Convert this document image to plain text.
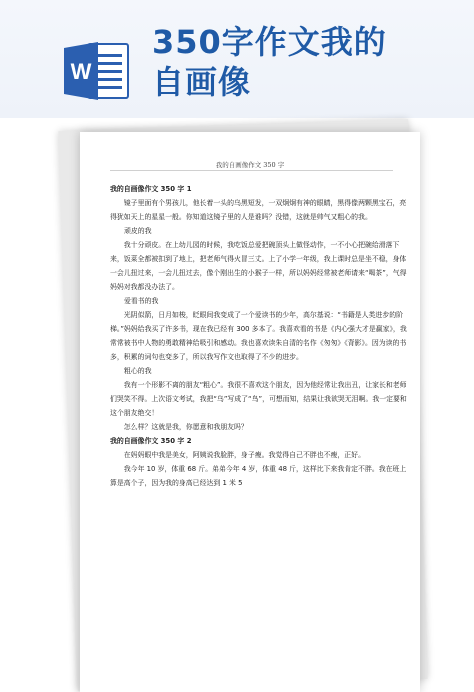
W
350字作文我的
自画像
我的自画像作文 350 字

我的自画像作文 350 字 1

镜子里面有个男孩儿，他长着一头的乌黑短发，一双炯炯有神的眼睛，黑得像两颗黑宝石，亮得犹如天上的星星一般。你知道这镜子里的人是谁吗？没错，这就是帅气又粗心的我。

顽皮的我

我十分顽皮。在上幼儿园的时候，我吃饭总爱把碗顶头上做怪动作，一不小心把碗给滑落下来，饭菜全都被扣到了地上，把老师气得火冒三丈。上了小学一年级，我上课时总是坐不稳，身体一会儿扭过来，一会儿扭过去，像个刚出生的小猴子一样，所以妈妈经常被老师请来“喝茶”，气得妈妈对我都没办法了。

爱看书的我

光阴似箭，日月如梭，眨眼间我变成了一个爱读书的少年，高尔基说：“书籍是人类进步的阶梯。”妈妈给我买了许多书，现在我已经有 300 多本了。我喜欢看的书是《内心强大才是赢家》，我常常被书中人物的勇敢精神给吸引和感动。我也喜欢读朱自清的名作《匆匆》《背影》。因为读的书多，积累的词句也变多了，所以我写作文也取得了不少的进步。

粗心的我

我有一个形影不离的朋友“粗心”。我很不喜欢这个朋友，因为他经常让我出丑，让家长和老师们哭笑不得。上次语文考试，我把“乌”写成了“鸟”，可想而知，结果让我欲哭无泪啊。我一定要和这个朋友绝交！

怎么样？这就是我，你愿意和我朋友吗？

我的自画像作文 350 字 2

在妈妈眼中我是美女，阿姨说我脸胖，身子瘦。我觉得自己不胖也不瘦，正好。

我今年 10 岁，体重 68 斤。弟弟今年 4 岁，体重 48 斤，这样比下来我肯定不胖。我在班上算是高个子，因为我的身高已经达到 1 米 5
